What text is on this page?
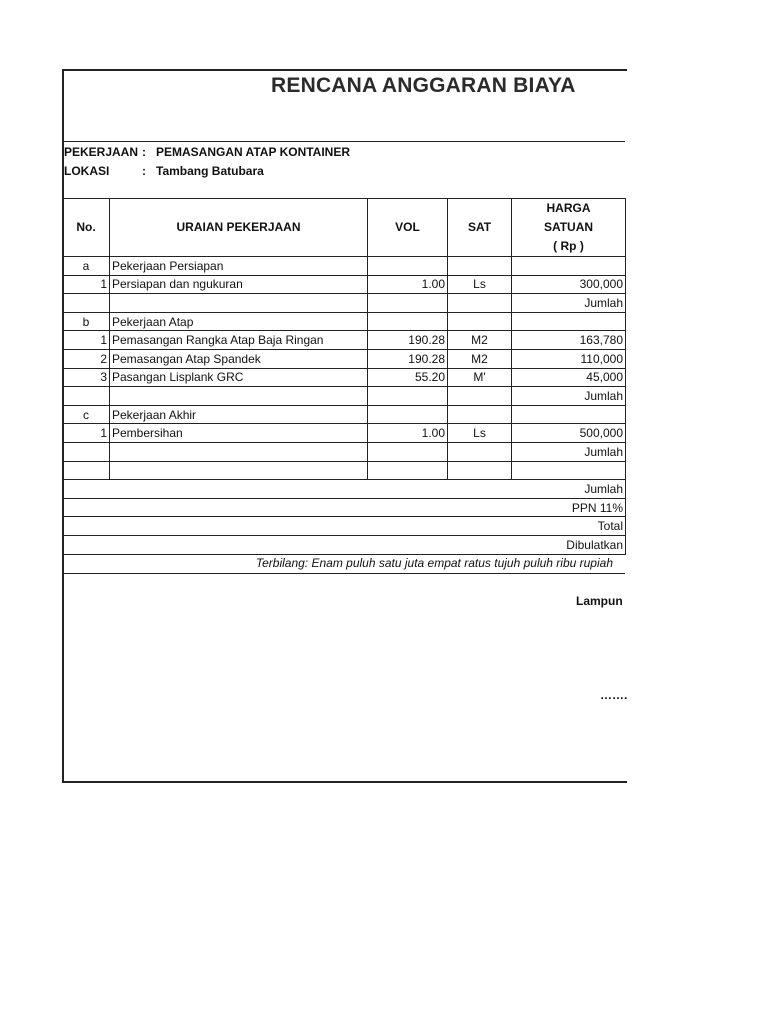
RENCANA ANGGARAN BIAYA
PEKERJAAN : PEMASANGAN ATAP KONTAINER
LOKASI	: Tambang Batubara
No.	URAIAN PEKERJAAN	VOL	SAT	HARGA
SATUAN
( Rp )

a	Pekerjaan Persiapan			
1	Persiapan dan ngukuran	1.00	Ls	300,000
				Jumlah
b	Pekerjaan Atap			
1	Pemasangan Rangka Atap Baja Ringan	190.28	M2	163,780
2	Pemasangan Atap Spandek	190.28	M2	110,000
3	Pasangan Lisplank GRC	55.20	M'	45,000
				Jumlah
c	Pekerjaan Akhir			
1	Pembersihan	1.00	Ls	500,000
				Jumlah

Jumlah				
PPN 11%				
Total				
Dibulatkan				
Terbilang: Enam puluh satu juta empat ratus tujuh puluh ribu rupiah
Lampun
…….
